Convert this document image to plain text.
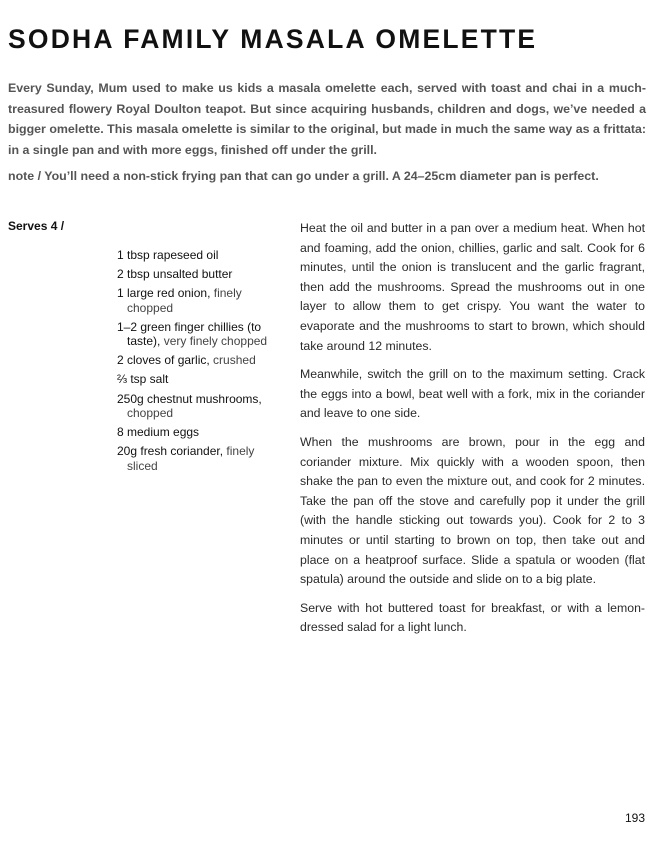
SODHA FAMILY MASALA OMELETTE

Every Sunday, Mum used to make us kids a masala omelette each, served with toast and chai in a much-treasured flowery Royal Doulton teapot. But since acquiring husbands, children and dogs, we’ve needed a bigger omelette. This masala omelette is similar to the original, but made in much the same way as a frittata: in a single pan and with more eggs, finished off under the grill.

note / You’ll need a non-stick frying pan that can go under a grill. A 24–25cm diameter pan is perfect.

Serves 4 /
1 tbsp rapeseed oil
2 tbsp unsalted butter
1 large red onion, finely chopped
1–2 green finger chillies (to taste), very finely chopped
2 cloves of garlic, crushed
⅔ tsp salt
250g chestnut mushrooms, chopped
8 medium eggs
20g fresh coriander, finely sliced

Heat the oil and butter in a pan over a medium heat. When hot and foaming, add the onion, chillies, garlic and salt. Cook for 6 minutes, until the onion is translucent and the garlic fragrant, then add the mushrooms. Spread the mushrooms out in one layer to allow them to get crispy. You want the water to evaporate and the mushrooms to start to brown, which should take around 12 minutes.

Meanwhile, switch the grill on to the maximum setting. Crack the eggs into a bowl, beat well with a fork, mix in the coriander and leave to one side.

When the mushrooms are brown, pour in the egg and coriander mixture. Mix quickly with a wooden spoon, then shake the pan to even the mixture out, and cook for 2 minutes. Take the pan off the stove and carefully pop it under the grill (with the handle sticking out towards you). Cook for 2 to 3 minutes or until starting to brown on top, then take out and place on a heatproof surface. Slide a spatula or wooden (flat spatula) around the outside and slide on to a big plate.

Serve with hot buttered toast for breakfast, or with a lemon-dressed salad for a light lunch.

193
